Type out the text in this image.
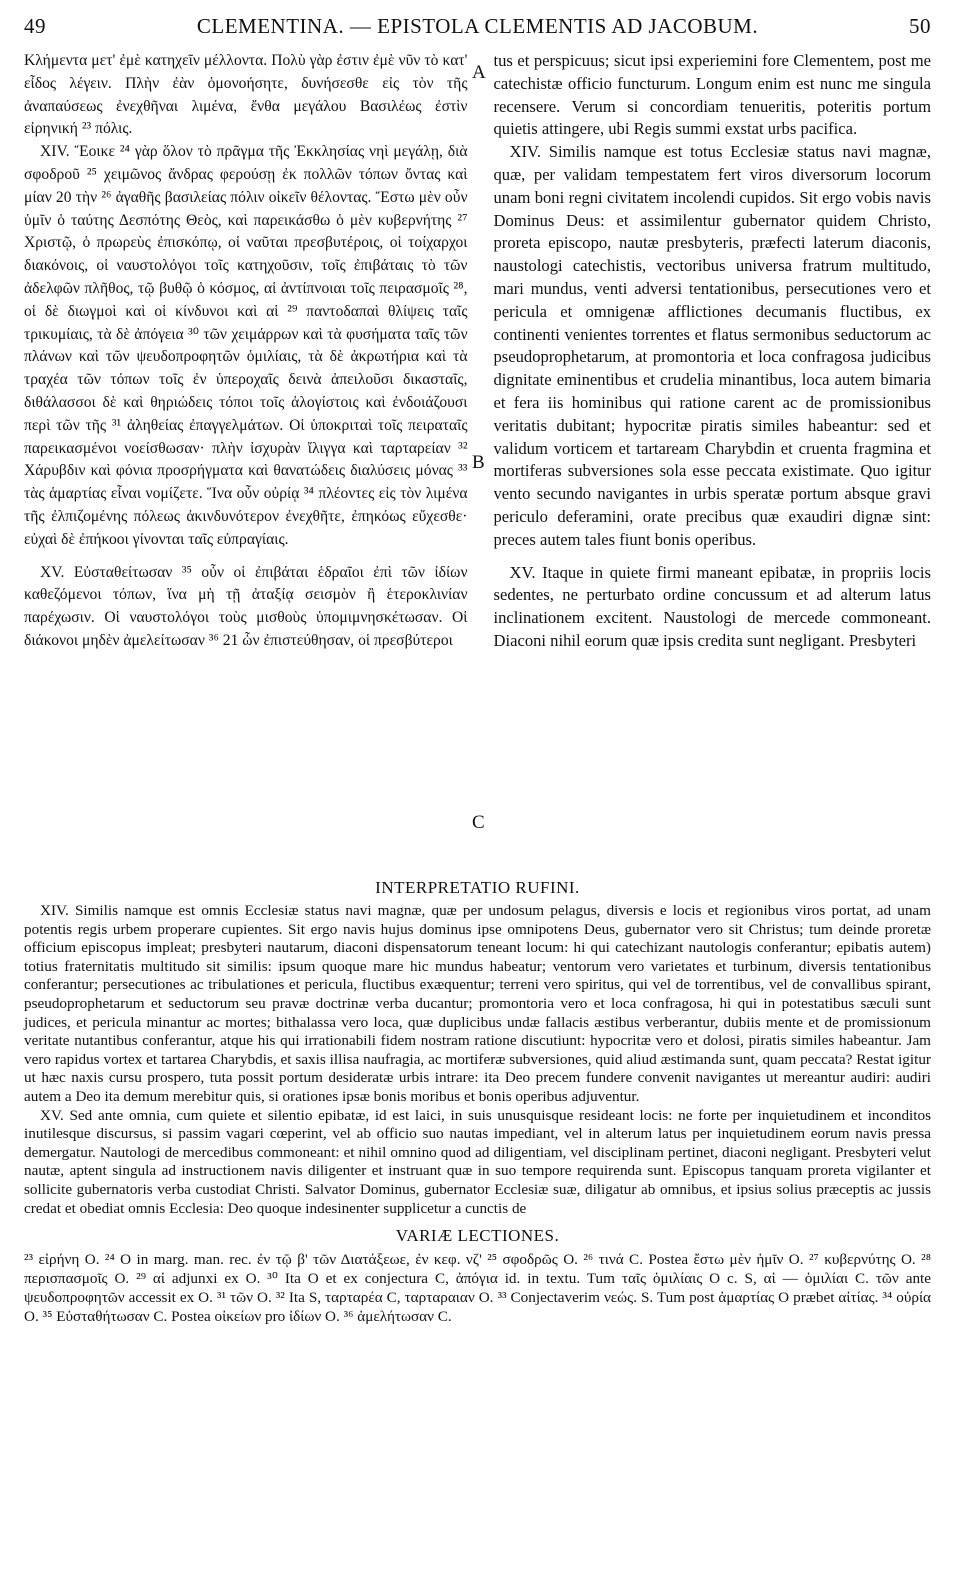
49	CLEMENTINA. — EPISTOLA CLEMENTIS AD JACOBUM.	50

Κλήμεντα μετ' ἐμὲ κατηχεῖν μέλλοντα. Πολὺ γὰρ ἐστιν ἐμὲ νῦν τὸ κατ' εἶδος λέγειν. Πλὴν ἐὰν ὁμονοήσητε, δυνήσεσθε εἰς τὸν τῆς ἀναπαύσεως ἐνεχθῆναι λιμένα, ἔνθα μεγάλου Βασιλέως ἐστὶν εἰρηνική ²³ πόλις.

XIV. Ἔοικε ²⁴ γὰρ ὅλον τὸ πρᾶγμα τῆς Ἐκκλησίας νηὶ μεγάλῃ, διὰ σφοδροῦ ²⁵ χειμῶνος ἄνδρας φερούσῃ ἐκ πολλῶν τόπων ὄντας καὶ μίαν 20 τὴν ²⁶ ἀγαθῆς βασιλείας πόλιν οἰκεῖν θέλοντας. Ἔστω μὲν οὖν ὑμῖν ὁ ταύτης Δεσπότης Θεὸς, καὶ παρεικάσθω ὁ μὲν κυβερνήτης ²⁷ Χριστῷ, ὁ πρωρεὺς ἐπισκόπῳ, οἱ ναῦται πρεσβυτέροις, οἱ τοίχαρχοι διακόνοις, οἱ ναυστολόγοι τοῖς κατηχοῦσιν, τοῖς ἐπιβάταις τὸ τῶν ἀδελφῶν πλῆθος, τῷ βυθῷ ὁ κόσμος, αἱ ἀντίπνοιαι τοῖς πειρασμοῖς ²⁸, οἱ δὲ διωγμοὶ καὶ οἱ κίνδυνοι καὶ αἱ ²⁹ παντοδαπαὶ θλίψεις ταῖς τρικυμίαις, τὰ δὲ ἀπόγεια ³⁰ τῶν χειμάρρων καὶ τὰ φυσήματα ταῖς τῶν πλάνων καὶ τῶν ψευδοπροφητῶν ὁμιλίαις, τὰ δὲ ἀκρωτήρια καὶ τὰ τραχέα τῶν τόπων τοῖς ἐν ὑπεροχαῖς δεινὰ ἀπειλοῦσι δικασταῖς, διθάλασσοι δὲ καὶ θηριώδεις τόποι τοῖς ἀλογίστοις καὶ ἐνδοιάζουσι περὶ τῶν τῆς ³¹ ἀληθείας ἐπαγγελμάτων. Οἱ ὑποκριταὶ τοῖς πειραταῖς παρεικασμένοι νοείσθωσαν· πλὴν ἰσχυρὰν ἴλιγγα καὶ ταρταρείαν ³² Χάρυβδιν καὶ φόνια προσρήγματα καὶ θανατώδεις διαλύσεις μόνας ³³ τὰς ἁμαρτίας εἶναι νομίζετε. Ἵνα οὖν οὐρίᾳ ³⁴ πλέοντες εἰς τὸν λιμένα τῆς ἐλπιζομένης πόλεως ἀκινδυνότερον ἐνεχθῆτε, ἐπηκόως εὔχεσθε· εὐχαὶ δὲ ἐπήκοοι γίνονται ταῖς εὐπραγίαις.

XV. Εὐσταθείτωσαν ³⁵ οὖν οἱ ἐπιβάται ἑδραῖοι ἐπὶ τῶν ἰδίων καθεζόμενοι τόπων, ἵνα μὴ τῇ ἀταξίᾳ σεισμὸν ἢ ἑτεροκλινίαν παρέχωσιν. Οἱ ναυστολόγοι τοὺς μισθοὺς ὑπομιμνησκέτωσαν. Οἱ διάκονοι μηδὲν ἀμελείτωσαν ³⁶ 21 ὧν ἐπιστεύθησαν, οἱ πρεσβύτεροι

tus et perspicuus; sicut ipsi experiemini fore Clementem, post me catechistæ officio functurum. Longum enim est nunc me singula recensere. Verum si concordiam tenueritis, poteritis portum quietis attingere, ubi Regis summi exstat urbs pacifica.

XIV. Similis namque est totus Ecclesiæ status navi magnæ, quæ, per validam tempestatem fert viros diversorum locorum unam boni regni civitatem incolendi cupidos. Sit ergo vobis navis Dominus Deus: et assimilentur gubernator quidem Christo, proreta episcopo, nautæ presbyteris, præfecti laterum diaconis, naustologi catechistis, vectoribus universa fratrum multitudo, mari mundus, venti adversi tentationibus, persecutiones vero et pericula et omnigenæ afflictiones decumanis fluctibus, ex continenti venientes torrentes et flatus sermonibus seductorum ac pseudoprophetarum, at promontoria et loca confragosa judicibus dignitate eminentibus et crudelia minantibus, loca autem bimaria et fera iis hominibus qui ratione carent ac de promissionibus veritatis dubitant; hypocritæ piratis similes habeantur: sed et validum vorticem et tartaream Charybdin et cruenta fragmina et mortiferas subversiones sola esse peccata existimate. Quo igitur vento secundo navigantes in urbis speratæ portum absque gravi periculo deferamini, orate precibus quæ exaudiri dignæ sint: preces autem tales fiunt bonis operibus.

XV. Itaque in quiete firmi maneant epibatæ, in propriis locis sedentes, ne perturbato ordine concussum et ad alterum latus inclinationem excitent. Naustologi de mercede commoneant. Diaconi nihil eorum quæ ipsis credita sunt negligant. Presbyteri

A
B
C
INTERPRETATIO RUFINI.

XIV. Similis namque est omnis Ecclesiæ status navi magnæ, quæ per undosum pelagus, diversis e locis et regionibus viros portat, ad unam potentis regis urbem properare cupientes. Sit ergo navis hujus dominus ipse omnipotens Deus, gubernator vero sit Christus; tum deinde proretæ officium episcopus impleat; presbyteri nautarum, diaconi dispensatorum teneant locum: hi qui catechizant nautologis conferantur; epibatis autem) totius fraternitatis multitudo sit similis: ipsum quoque mare hic mundus habeatur; ventorum vero varietates et turbinum, diversis tentationibus conferantur; persecutiones ac tribulationes et pericula, fluctibus exæquentur; terreni vero spiritus, qui vel de torrentibus, vel de convallibus spirant, pseudoprophetarum et seductorum seu pravæ doctrinæ verba ducantur; promontoria vero et loca confragosa, hi qui in potestatibus sæculi sunt judices, et pericula minantur ac mortes; bithalassa vero loca, quæ duplicibus undæ fallacis æstibus verberantur, dubiis mente et de promissionum veritate nutantibus conferantur, atque his qui irrationabili fidem nostram ratione discutiunt: hypocritæ vero et dolosi, piratis similes habeantur. Jam vero rapidus vortex et tartarea Charybdis, et saxis illisa naufragia, ac mortiferæ subversiones, quid aliud æstimanda sunt, quam peccata? Restat igitur ut hæc naxis cursu prospero, tuta possit portum desideratæ urbis intrare: ita Deo precem fundere convenit navigantes ut mereantur audiri: audiri autem a Deo ita demum merebitur quis, si orationes ipsæ bonis moribus et bonis operibus adjuventur.

XV. Sed ante omnia, cum quiete et silentio epibatæ, id est laici, in suis unusquisque resideant locis: ne forte per inquietudinem et inconditos inutilesque discursus, si passim vagari cœperint, vel ab officio suo nautas impediant, vel in alterum latus per inquietudinem eorum navis pressa demergatur. Nautologi de mercedibus commoneant: et nihil omnino quod ad diligentiam, vel disciplinam pertinet, diaconi negligant. Presbyteri velut nautæ, aptent singula ad instructionem navis diligenter et instruant quæ in suo tempore requirenda sunt. Episcopus tanquam proreta vigilanter et sollicite gubernatoris verba custodiat Christi. Salvator Dominus, gubernator Ecclesiæ suæ, diligatur ab omnibus, et ipsius solius præceptis ac jussis credat et obediat omnis Ecclesia: Deo quoque indesinenter supplicetur a cunctis de

VARIÆ LECTIONES.
²³ εἰρήνη O. ²⁴ O in marg. man. rec. ἐν τῷ β' τῶν Διατάξεωε, ἐν κεφ. νζ' ²⁵ σφοδρῶς O. ²⁶ τινά C. Postea ἔστω μὲν ἡμῖν O. ²⁷ κυβερνύτης O. ²⁸ περισπασμοῖς O. ²⁹ αἱ adjunxi ex O. ³⁰ Ita O et ex conjectura C, ἀπόγια id. in textu. Tum ταῖς ὁμιλίαις O c. S, αἱ — ὁμιλίαι C. τῶν ante ψευδοπροφητῶν accessit ex O. ³¹ τῶν O. ³² Ita S, ταρταρέα C, ταρταραιαν O. ³³ Conjectaverim νεώς. S. Tum post ἁμαρτίας O præbet αἰτίας. ³⁴ οὐρία O. ³⁵ Εὐσταθήτωσαν C. Postea οἰκείων pro ἰδίων O. ³⁶ ἀμελήτωσαν C.
